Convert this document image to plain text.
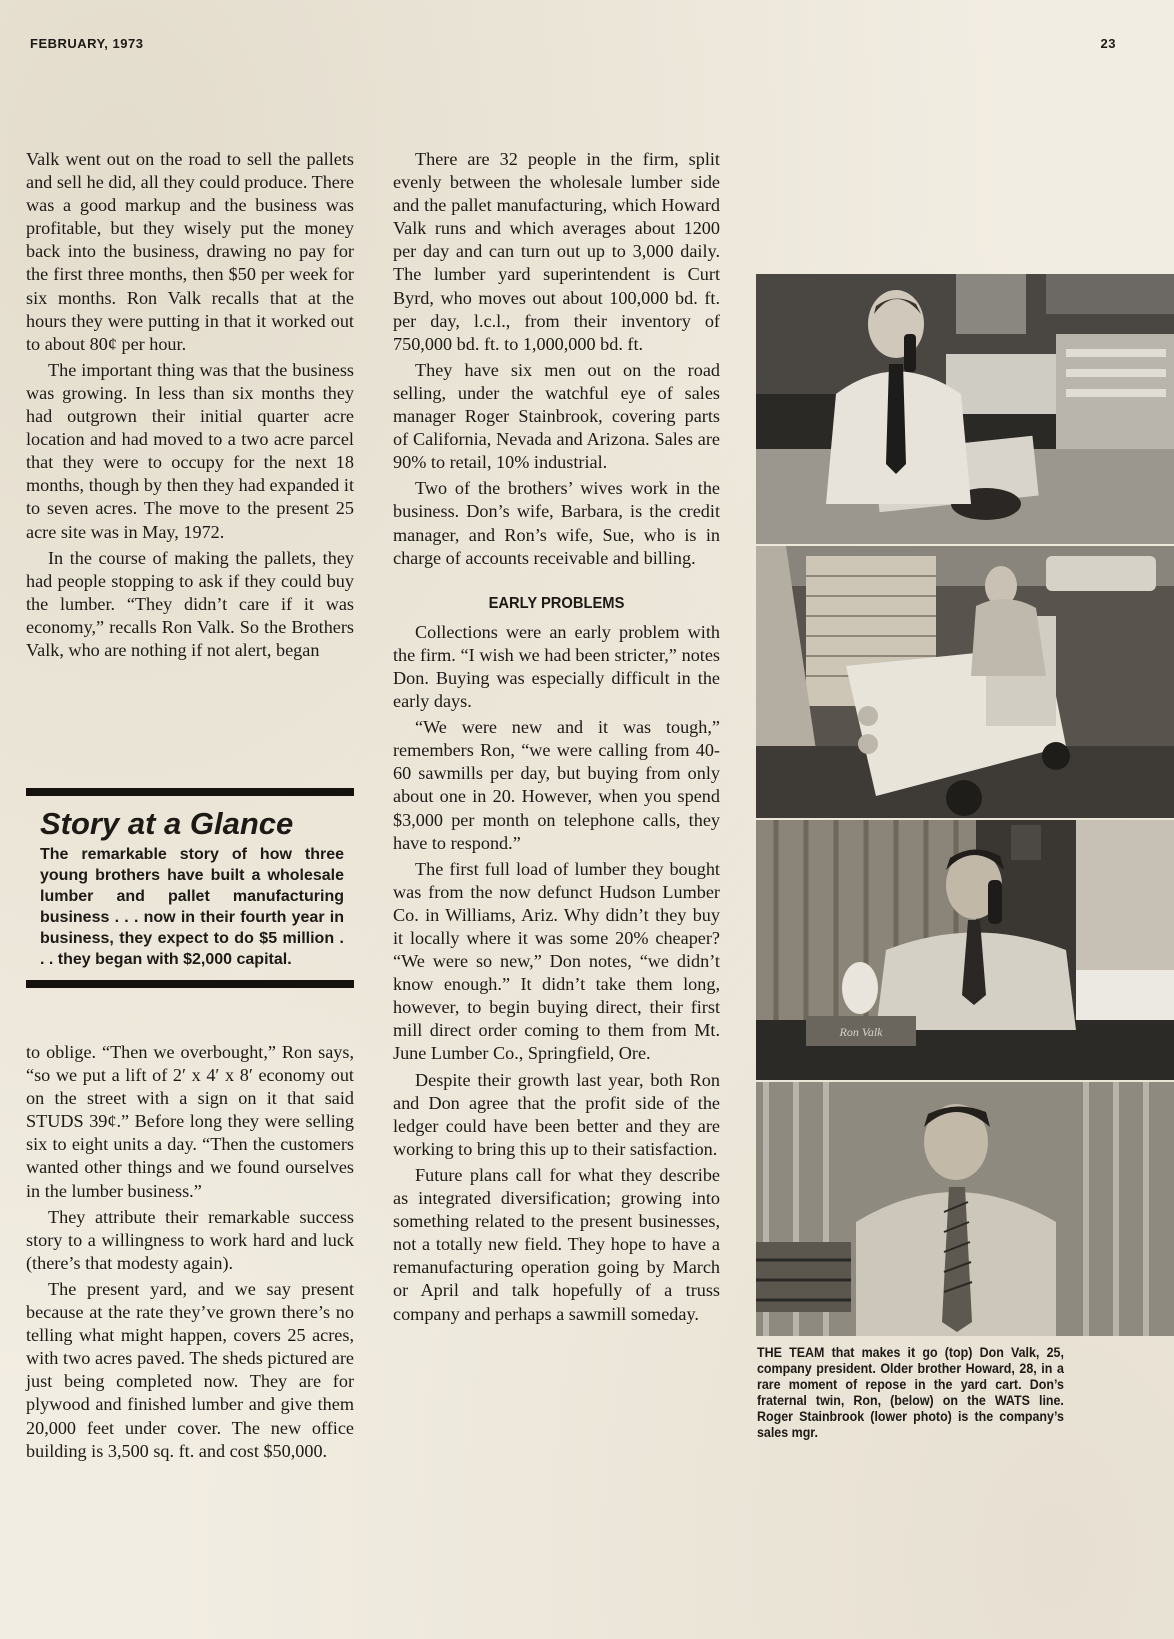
FEBRUARY, 1973	23

Valk went out on the road to sell the pallets and sell he did, all they could produce. There was a good markup and the business was profitable, but they wisely put the money back into the business, drawing no pay for the first three months, then $50 per week for six months. Ron Valk recalls that at the hours they were putting in that it worked out to about 80¢ per hour.

The important thing was that the business was growing. In less than six months they had outgrown their initial quarter acre location and had moved to a two acre parcel that they were to occupy for the next 18 months, though by then they had expanded it to seven acres. The move to the present 25 acre site was in May, 1972.

In the course of making the pallets, they had people stopping to ask if they could buy the lumber. “They didn’t care if it was economy,” recalls Ron Valk. So the Brothers Valk, who are nothing if not alert, began

Story at a Glance
The remarkable story of how three young brothers have built a wholesale lumber and pallet manufacturing business . . . now in their fourth year in business, they expect to do $5 million . . . they began with $2,000 capital.

to oblige. “Then we overbought,” Ron says, “so we put a lift of 2′ x 4′ x 8′ economy out on the street with a sign on it that said STUDS 39¢.” Before long they were selling six to eight units a day. “Then the customers wanted other things and we found ourselves in the lumber business.”

They attribute their remarkable success story to a willingness to work hard and luck (there’s that modesty again).

The present yard, and we say present because at the rate they’ve grown there’s no telling what might happen, covers 25 acres, with two acres paved. The sheds pictured are just being completed now. They are for plywood and finished lumber and give them 20,000 feet under cover. The new office building is 3,500 sq. ft. and cost $50,000.

There are 32 people in the firm, split evenly between the wholesale lumber side and the pallet manufacturing, which Howard Valk runs and which averages about 1200 per day and can turn out up to 3,000 daily. The lumber yard superintendent is Curt Byrd, who moves out about 100,000 bd. ft. per day, l.c.l., from their inventory of 750,000 bd. ft. to 1,000,000 bd. ft.

They have six men out on the road selling, under the watchful eye of sales manager Roger Stainbrook, covering parts of California, Nevada and Arizona. Sales are 90% to retail, 10% industrial.

Two of the brothers’ wives work in the business. Don’s wife, Barbara, is the credit manager, and Ron’s wife, Sue, who is in charge of accounts receivable and billing.

EARLY PROBLEMS

Collections were an early problem with the firm. “I wish we had been stricter,” notes Don. Buying was especially difficult in the early days.

“We were new and it was tough,” remembers Ron, “we were calling from 40-60 sawmills per day, but buying from only about one in 20. However, when you spend $3,000 per month on telephone calls, they have to respond.”

The first full load of lumber they bought was from the now defunct Hudson Lumber Co. in Williams, Ariz. Why didn’t they buy it locally where it was some 20% cheaper? “We were so new,” Don notes, “we didn’t know enough.” It didn’t take them long, however, to begin buying direct, their first mill direct order coming to them from Mt. June Lumber Co., Springfield, Ore.

Despite their growth last year, both Ron and Don agree that the profit side of the ledger could have been better and they are working to bring this up to their satisfaction.

Future plans call for what they describe as integrated diversification; growing into something related to the present businesses, not a totally new field. They hope to have a remanufacturing operation going by March or April and talk hopefully of a truss company and perhaps a sawmill someday.

Ron Valk
THE TEAM that makes it go (top) Don Valk, 25, company president. Older brother Howard, 28, in a rare moment of repose in the yard cart. Don’s fraternal twin, Ron, (below) on the WATS line. Roger Stainbrook (lower photo) is the company’s sales mgr.
